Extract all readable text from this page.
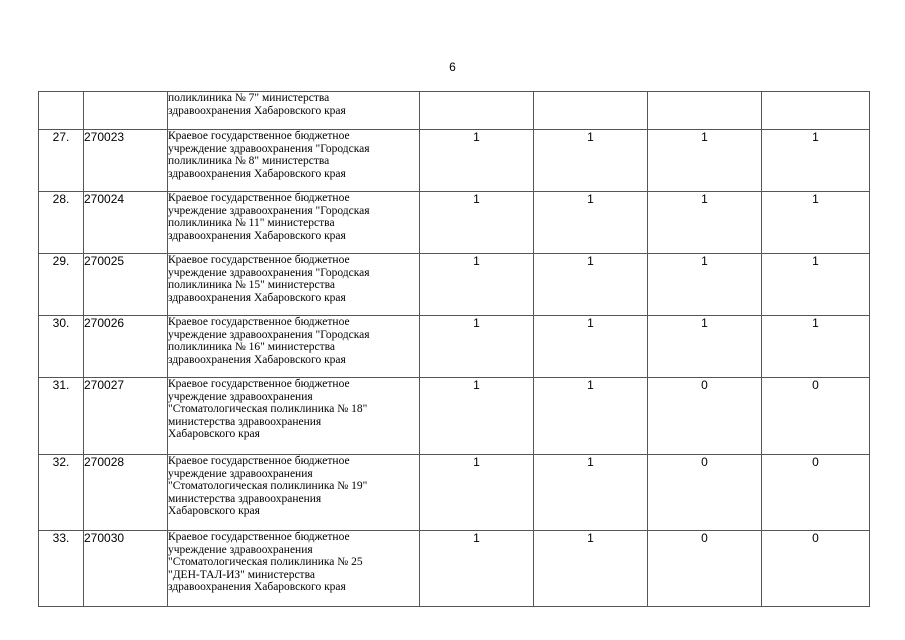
6

		поликлиника № 7" министерства
здравоохранения Хабаровского края				

27.	270023	Краевое государственное бюджетное
учреждение здравоохранения "Городская
поликлиника № 8" министерства
здравоохранения Хабаровского края	1	1	1	1
28.	270024	Краевое государственное бюджетное
учреждение здравоохранения "Городская
поликлиника № 11" министерства
здравоохранения Хабаровского края	1	1	1	1
29.	270025	Краевое государственное бюджетное
учреждение здравоохранения "Городская
поликлиника № 15" министерства
здравоохранения Хабаровского края	1	1	1	1
30.	270026	Краевое государственное бюджетное
учреждение здравоохранения "Городская
поликлиника № 16" министерства
здравоохранения Хабаровского края	1	1	1	1
31.	270027	Краевое государственное бюджетное
учреждение здравоохранения
"Стоматологическая поликлиника № 18"
министерства здравоохранения
Хабаровского края	1	1	0	0
32.	270028	Краевое государственное бюджетное
учреждение здравоохранения
"Стоматологическая поликлиника № 19"
министерства здравоохранения
Хабаровского края	1	1	0	0
33.	270030	Краевое государственное бюджетное
учреждение здравоохранения
"Стоматологическая поликлиника № 25
"ДЕН-ТАЛ-ИЗ" министерства
здравоохранения Хабаровского края	1	1	0	0
